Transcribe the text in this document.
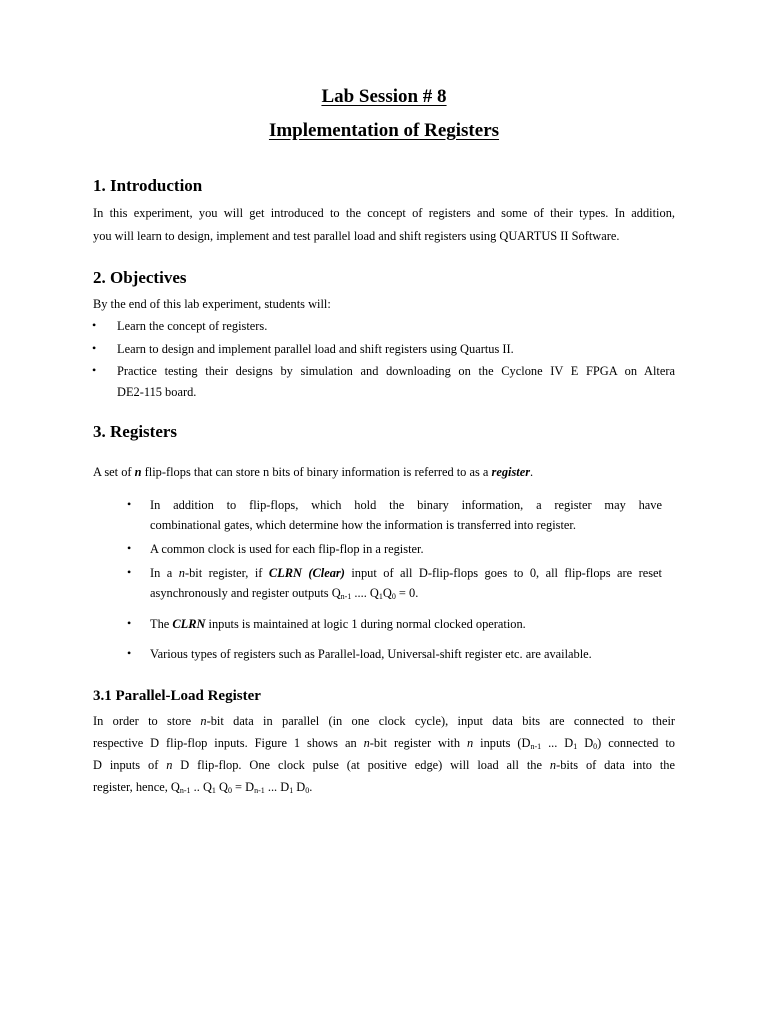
Lab Session # 8
Implementation of Registers
1. Introduction
In this experiment, you will get introduced to the concept of registers and some of their types. In addition,
you will learn to design, implement and test parallel load and shift registers using QUARTUS II Software.
2. Objectives
By the end of this lab experiment, students will:
• Learn the concept of registers.
• Learn to design and implement parallel load and shift registers using Quartus II.
• Practice testing their designs by simulation and downloading on the Cyclone IV E FPGA on Altera
DE2-115 board.
3. Registers
A set of n flip-flops that can store n bits of binary information is referred to as a register.
• In addition to flip-flops, which hold the binary information, a register may have
combinational gates, which determine how the information is transferred into register.
• A common clock is used for each flip-flop in a register.
• In a n-bit register, if CLRN (Clear) input of all D-flip-flops goes to 0, all flip-flops are reset
asynchronously and register outputs $Q_{n-1}$ .... $Q_1Q_0 = 0$.
• The CLRN inputs is maintained at logic 1 during normal clocked operation.
• Various types of registers such as Parallel-load, Universal-shift register etc. are available.
3.1 Parallel-Load Register
In order to store n-bit data in parallel (in one clock cycle), input data bits are connected to their
respective D flip-flop inputs. Figure 1 shows an n-bit register with n inputs ($D_{n-1}$ ... $D_1$ $D_0$) connected to
D inputs of n D flip-flop. One clock pulse (at positive edge) will load all the n-bits of data into the
register, hence, $Q_{n-1}$ .. $Q_1$ $Q_0 = D_{n-1}$ ... $D_1$ $D_0$.
